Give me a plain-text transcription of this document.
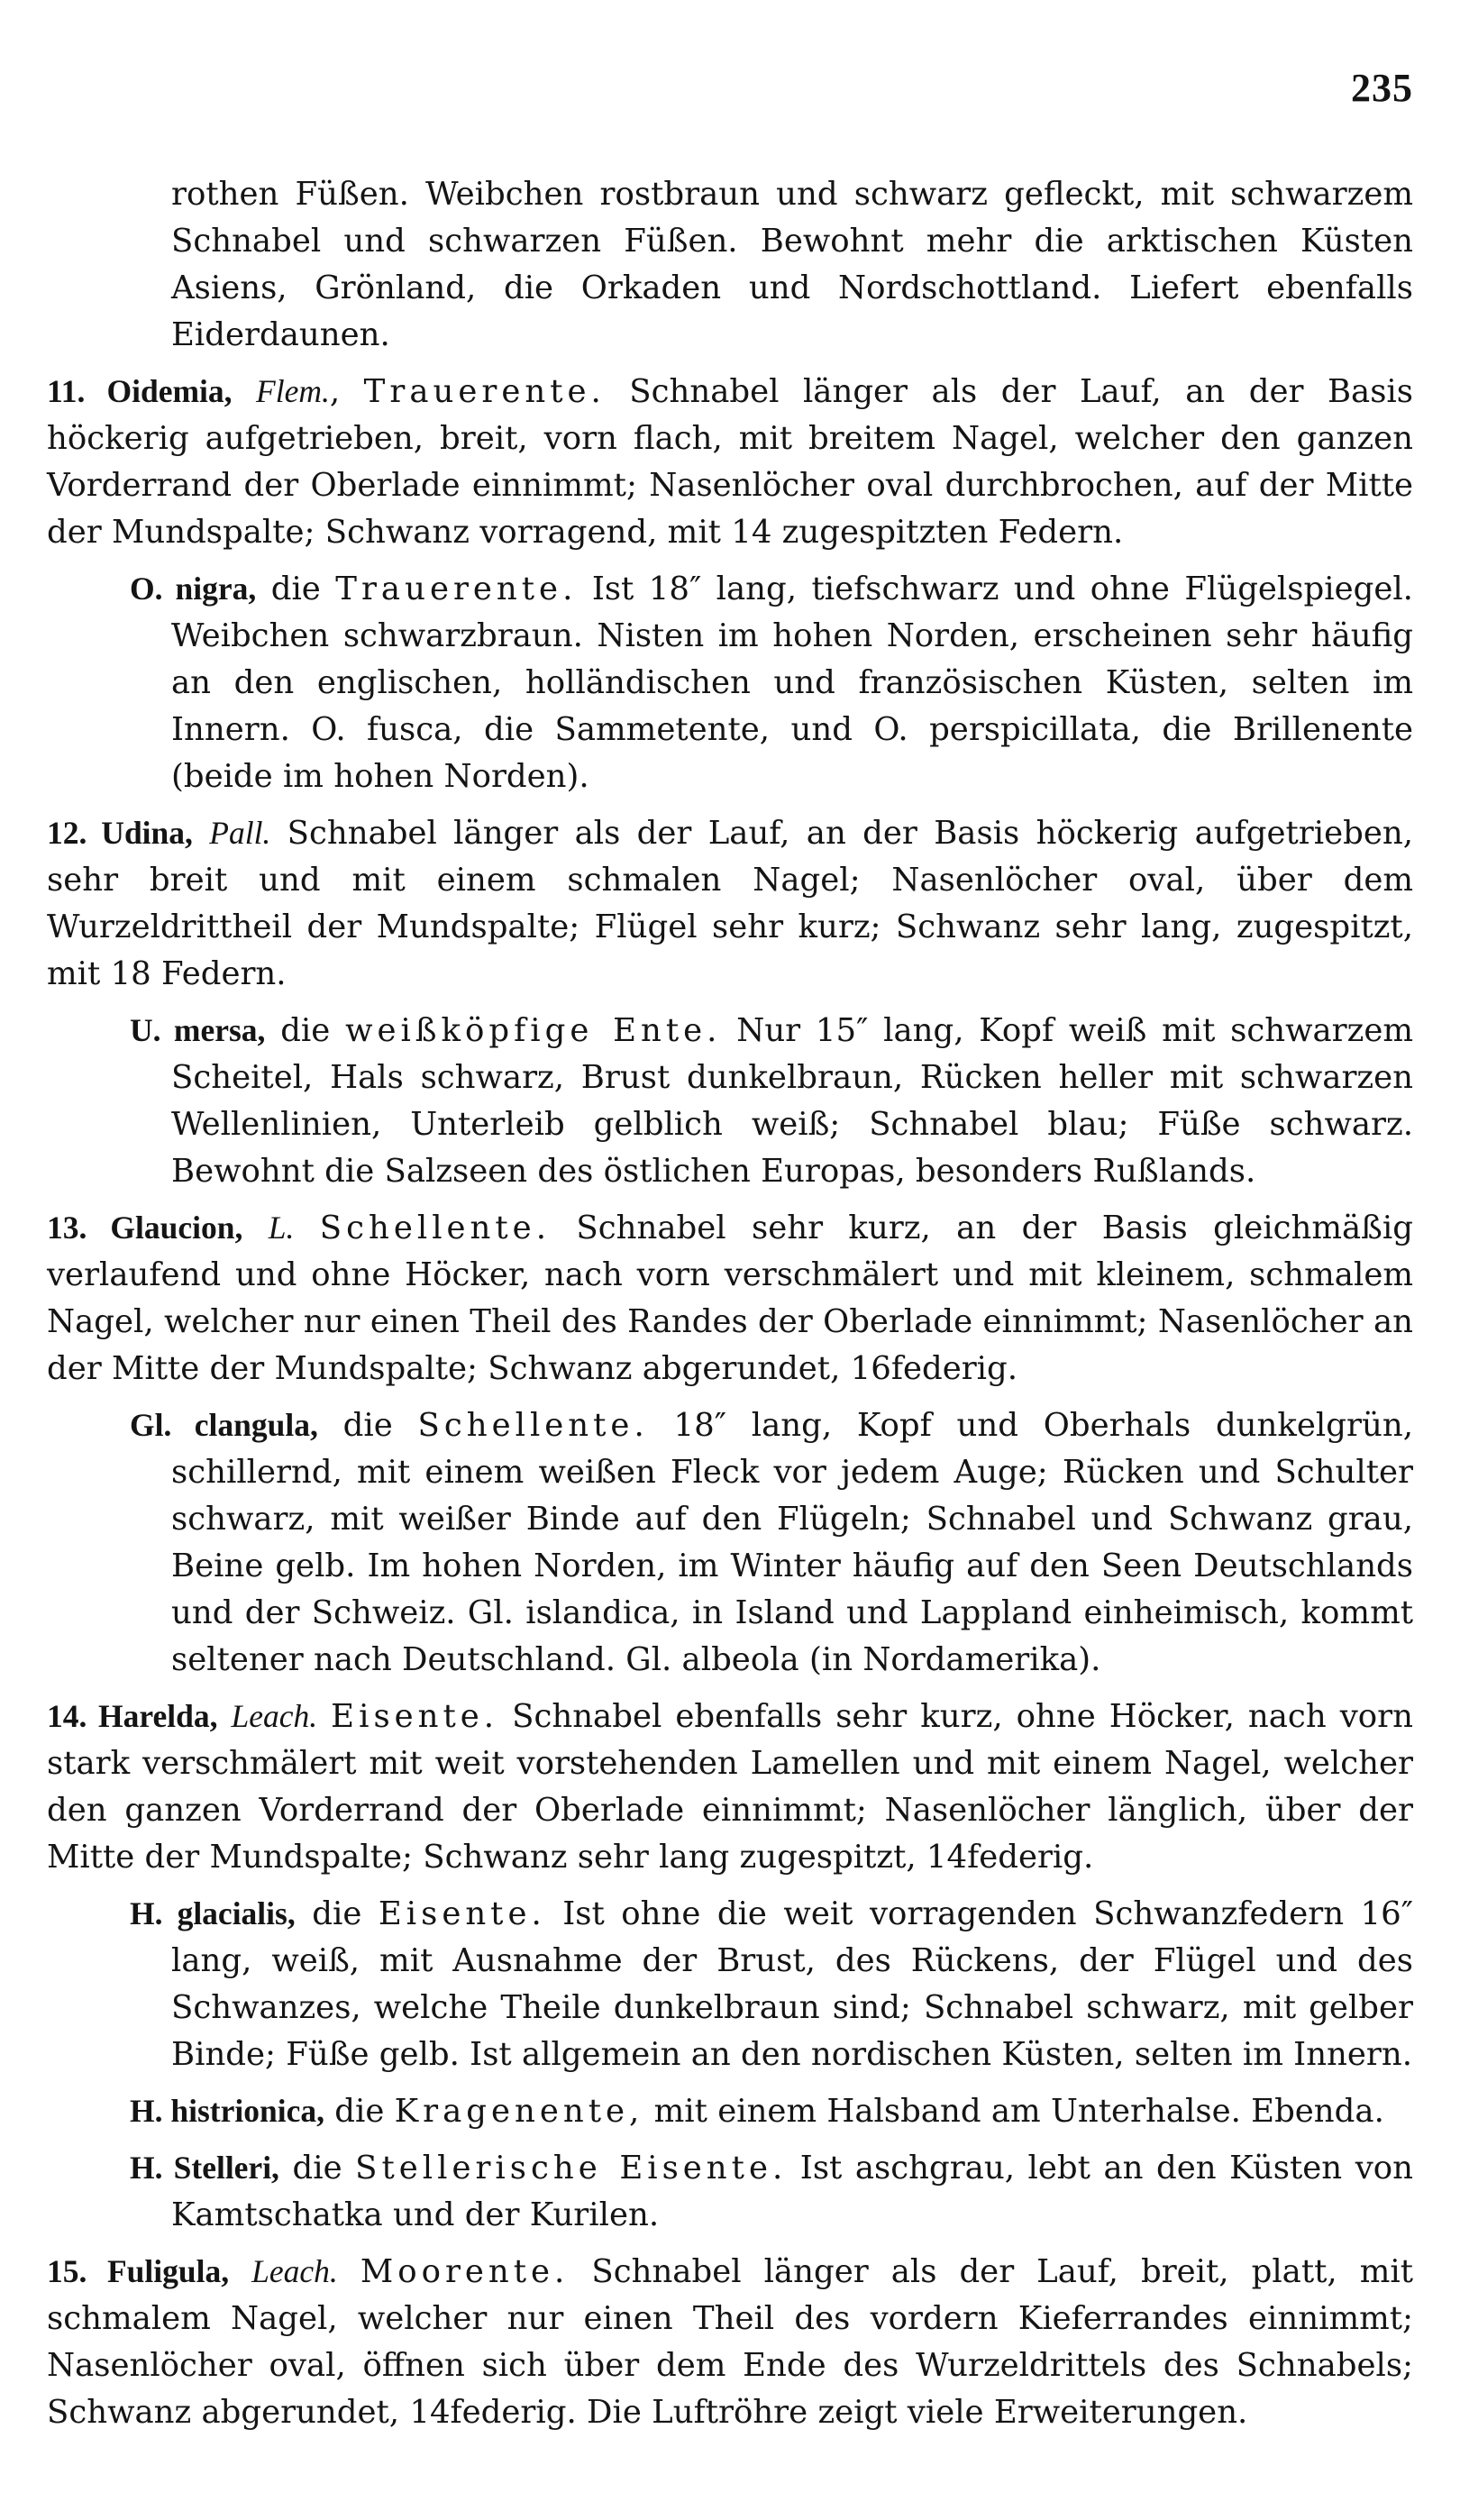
235

rothen Füßen. Weibchen rostbraun und schwarz gefleckt, mit schwarzem Schnabel und schwarzen Füßen. Bewohnt mehr die arktischen Küsten Asiens, Grönland, die Orkaden und Nordschottland. Liefert ebenfalls Eiderdaunen.

11. Oidemia, Flem., Trauerente. Schnabel länger als der Lauf, an der Basis höckerig aufgetrieben, breit, vorn flach, mit breitem Nagel, welcher den ganzen Vorderrand der Oberlade einnimmt; Nasenlöcher oval durchbrochen, auf der Mitte der Mundspalte; Schwanz vorragend, mit 14 zugespitzten Federn.

O. nigra, die Trauerente. Ist 18″ lang, tiefschwarz und ohne Flügelspiegel. Weibchen schwarzbraun. Nisten im hohen Norden, erscheinen sehr häufig an den englischen, holländischen und französischen Küsten, selten im Innern. O. fusca, die Sammetente, und O. perspicillata, die Brillenente (beide im hohen Norden).

12. Udina, Pall. Schnabel länger als der Lauf, an der Basis höckerig aufgetrieben, sehr breit und mit einem schmalen Nagel; Nasenlöcher oval, über dem Wurzeldrittheil der Mundspalte; Flügel sehr kurz; Schwanz sehr lang, zugespitzt, mit 18 Federn.

U. mersa, die weißköpfige Ente. Nur 15″ lang, Kopf weiß mit schwarzem Scheitel, Hals schwarz, Brust dunkelbraun, Rücken heller mit schwarzen Wellenlinien, Unterleib gelblich weiß; Schnabel blau; Füße schwarz. Bewohnt die Salzseen des östlichen Europas, besonders Rußlands.

13. Glaucion, L. Schellente. Schnabel sehr kurz, an der Basis gleichmäßig verlaufend und ohne Höcker, nach vorn verschmälert und mit kleinem, schmalem Nagel, welcher nur einen Theil des Randes der Oberlade einnimmt; Nasenlöcher an der Mitte der Mundspalte; Schwanz abgerundet, 16federig.

Gl. clangula, die Schellente. 18″ lang, Kopf und Oberhals dunkelgrün, schillernd, mit einem weißen Fleck vor jedem Auge; Rücken und Schulter schwarz, mit weißer Binde auf den Flügeln; Schnabel und Schwanz grau, Beine gelb. Im hohen Norden, im Winter häufig auf den Seen Deutschlands und der Schweiz. Gl. islandica, in Island und Lappland einheimisch, kommt seltener nach Deutschland. Gl. albeola (in Nordamerika).

14. Harelda, Leach. Eisente. Schnabel ebenfalls sehr kurz, ohne Höcker, nach vorn stark verschmälert mit weit vorstehenden Lamellen und mit einem Nagel, welcher den ganzen Vorderrand der Oberlade einnimmt; Nasenlöcher länglich, über der Mitte der Mundspalte; Schwanz sehr lang zugespitzt, 14federig.

H. glacialis, die Eisente. Ist ohne die weit vorragenden Schwanzfedern 16″ lang, weiß, mit Ausnahme der Brust, des Rückens, der Flügel und des Schwanzes, welche Theile dunkelbraun sind; Schnabel schwarz, mit gelber Binde; Füße gelb. Ist allgemein an den nordischen Küsten, selten im Innern.

H. histrionica, die Kragenente, mit einem Halsband am Unterhalse. Ebenda.

H. Stelleri, die Stellerische Eisente. Ist aschgrau, lebt an den Küsten von Kamtschatka und der Kurilen.

15. Fuligula, Leach. Moorente. Schnabel länger als der Lauf, breit, platt, mit schmalem Nagel, welcher nur einen Theil des vordern Kieferrandes einnimmt; Nasenlöcher oval, öffnen sich über dem Ende des Wurzeldrittels des Schnabels; Schwanz abgerundet, 14federig. Die Luftröhre zeigt viele Erweiterungen.
